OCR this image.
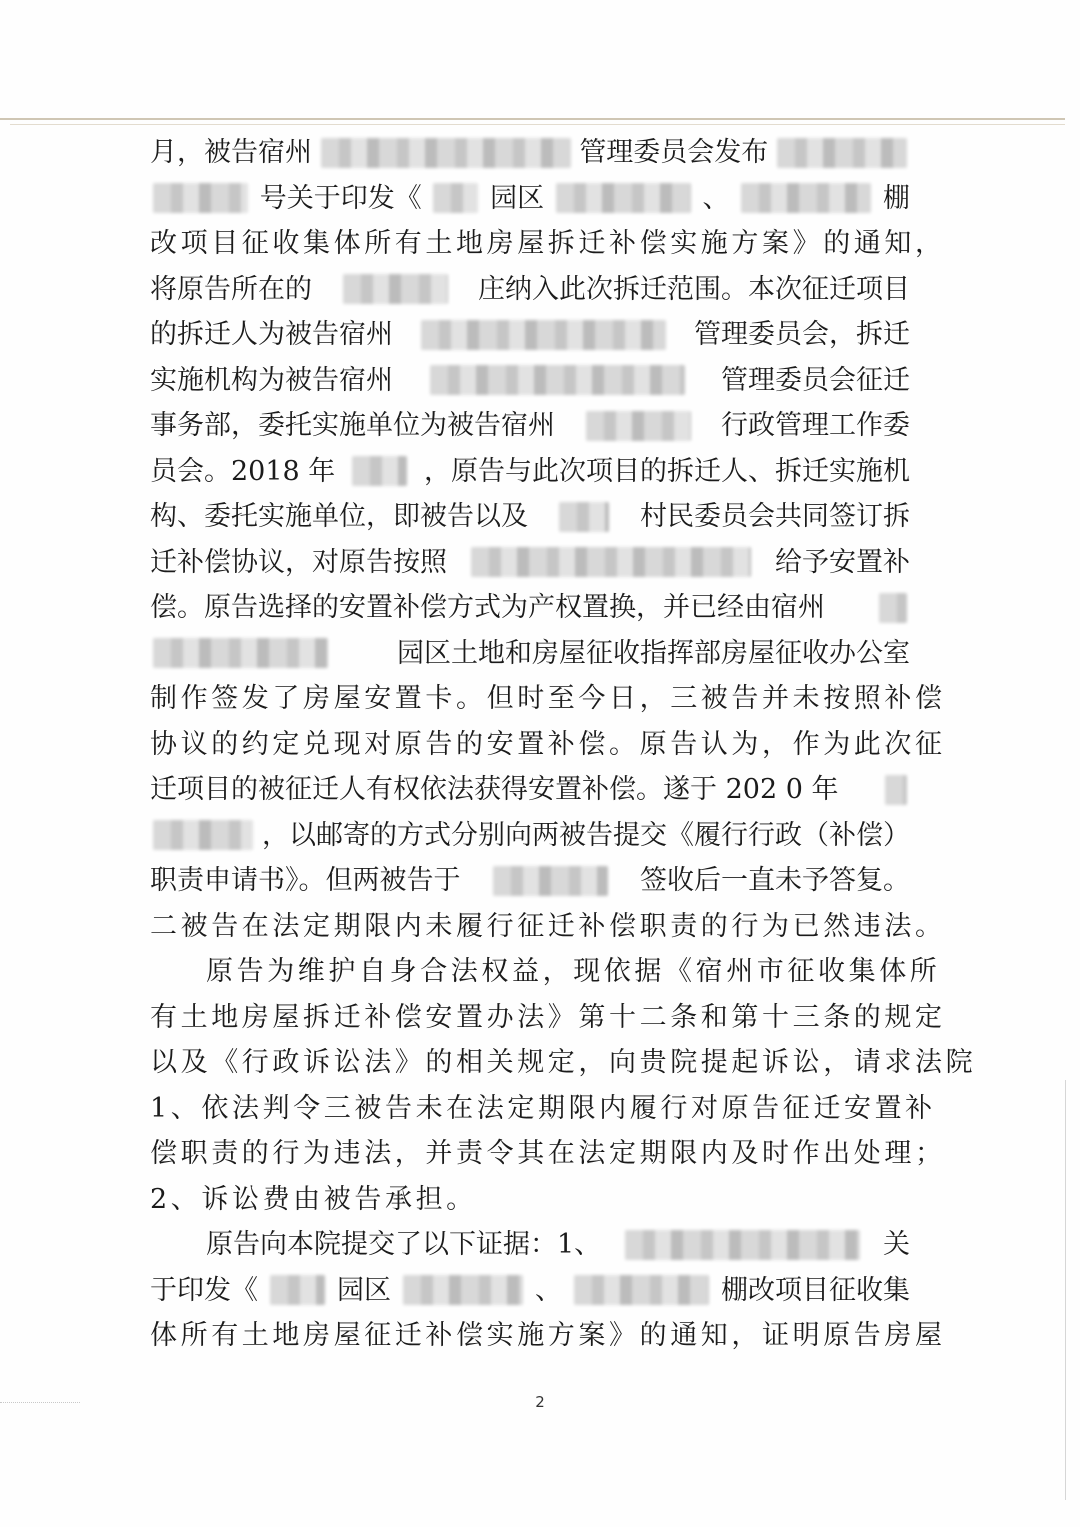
月，被告宿州	管理委员会发布
号关于印发《	园区	、	棚
改项目征收集体所有土地房屋拆迁补偿实施方案》的通知，
将原告所在的	庄纳入此次拆迁范围。本次征迁项目
的拆迁人为被告宿州	管理委员会，拆迁
实施机构为被告宿州	管理委员会征迁
事务部，委托实施单位为被告宿州	行政管理工作委
员会。2018 年	，原告与此次项目的拆迁人、拆迁实施机
构、委托实施单位，即被告以及	村民委员会共同签订拆
迁补偿协议，对原告按照	给予安置补
偿。原告选择的安置补偿方式为产权置换，并已经由宿州
园区土地和房屋征收指挥部房屋征收办公室
制作签发了房屋安置卡。但时至今日，三被告并未按照补偿
协议的约定兑现对原告的安置补偿。原告认为，作为此次征
迁项目的被征迁人有权依法获得安置补偿。遂于 202 0 年
，以邮寄的方式分别向两被告提交《履行行政（补偿）
职责申请书》。但两被告于	签收后一直未予答复。
二被告在法定期限内未履行征迁补偿职责的行为已然违法。
原告为维护自身合法权益，现依据《宿州市征收集体所
有土地房屋拆迁补偿安置办法》第十二条和第十三条的规定
以及《行政诉讼法》的相关规定，向贵院提起诉讼，请求法院
1、依法判令三被告未在法定期限内履行对原告征迁安置补
偿职责的行为违法，并责令其在法定期限内及时作出处理；
2、诉讼费由被告承担。
原告向本院提交了以下证据：1、	关
于印发《	园区	、	棚改项目征收集
体所有土地房屋征迁补偿实施方案》的通知，证明原告房屋
2
